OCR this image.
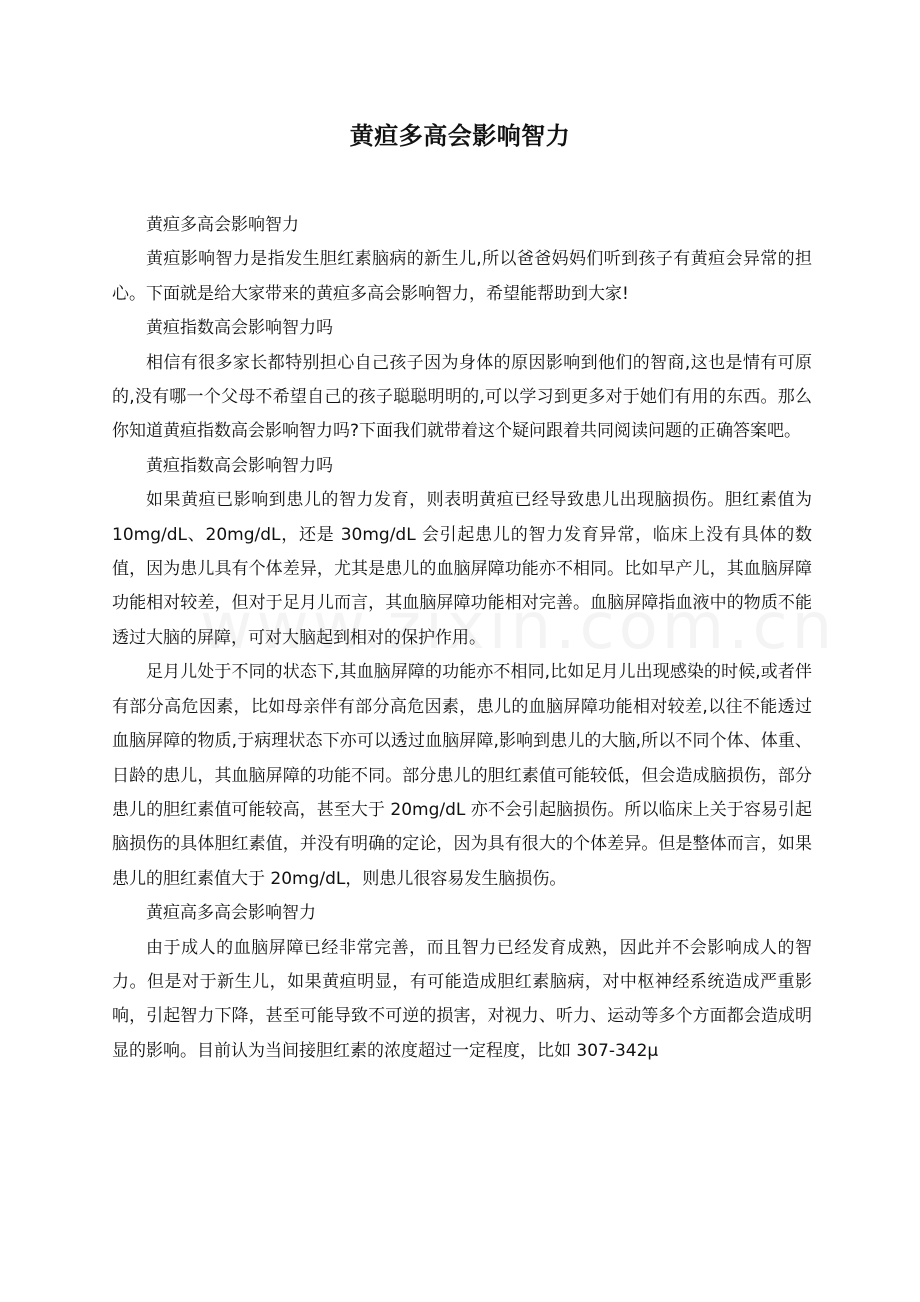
黄疸多高会影响智力

黄疸多高会影响智力

黄疸影响智力是指发生胆红素脑病的新生儿,所以爸爸妈妈们听到孩子有黄疸会异常的担心。下面就是给大家带来的黄疸多高会影响智力，希望能帮助到大家!

黄疸指数高会影响智力吗

相信有很多家长都特别担心自己孩子因为身体的原因影响到他们的智商,这也是情有可原的,没有哪一个父母不希望自己的孩子聪聪明明的,可以学习到更多对于她们有用的东西。那么你知道黄疸指数高会影响智力吗?下面我们就带着这个疑问跟着共同阅读问题的正确答案吧。

黄疸指数高会影响智力吗

如果黄疸已影响到患儿的智力发育，则表明黄疸已经导致患儿出现脑损伤。胆红素值为 10mg/dL、20mg/dL，还是 30mg/dL 会引起患儿的智力发育异常，临床上没有具体的数值，因为患儿具有个体差异，尤其是患儿的血脑屏障功能亦不相同。比如早产儿，其血脑屏障功能相对较差，但对于足月儿而言，其血脑屏障功能相对完善。血脑屏障指血液中的物质不能透过大脑的屏障，可对大脑起到相对的保护作用。

足月儿处于不同的状态下,其血脑屏障的功能亦不相同,比如足月儿出现感染的时候,或者伴有部分高危因素，比如母亲伴有部分高危因素，患儿的血脑屏障功能相对较差,以往不能透过血脑屏障的物质,于病理状态下亦可以透过血脑屏障,影响到患儿的大脑,所以不同个体、体重、日龄的患儿，其血脑屏障的功能不同。部分患儿的胆红素值可能较低，但会造成脑损伤，部分患儿的胆红素值可能较高，甚至大于 20mg/dL 亦不会引起脑损伤。所以临床上关于容易引起脑损伤的具体胆红素值，并没有明确的定论，因为具有很大的个体差异。但是整体而言，如果患儿的胆红素值大于 20mg/dL，则患儿很容易发生脑损伤。

黄疸高多高会影响智力

由于成人的血脑屏障已经非常完善，而且智力已经发育成熟，因此并不会影响成人的智力。但是对于新生儿，如果黄疸明显，有可能造成胆红素脑病，对中枢神经系统造成严重影响，引起智力下降，甚至可能导致不可逆的损害，对视力、听力、运动等多个方面都会造成明显的影响。目前认为当间接胆红素的浓度超过一定程度，比如 307-342μ
